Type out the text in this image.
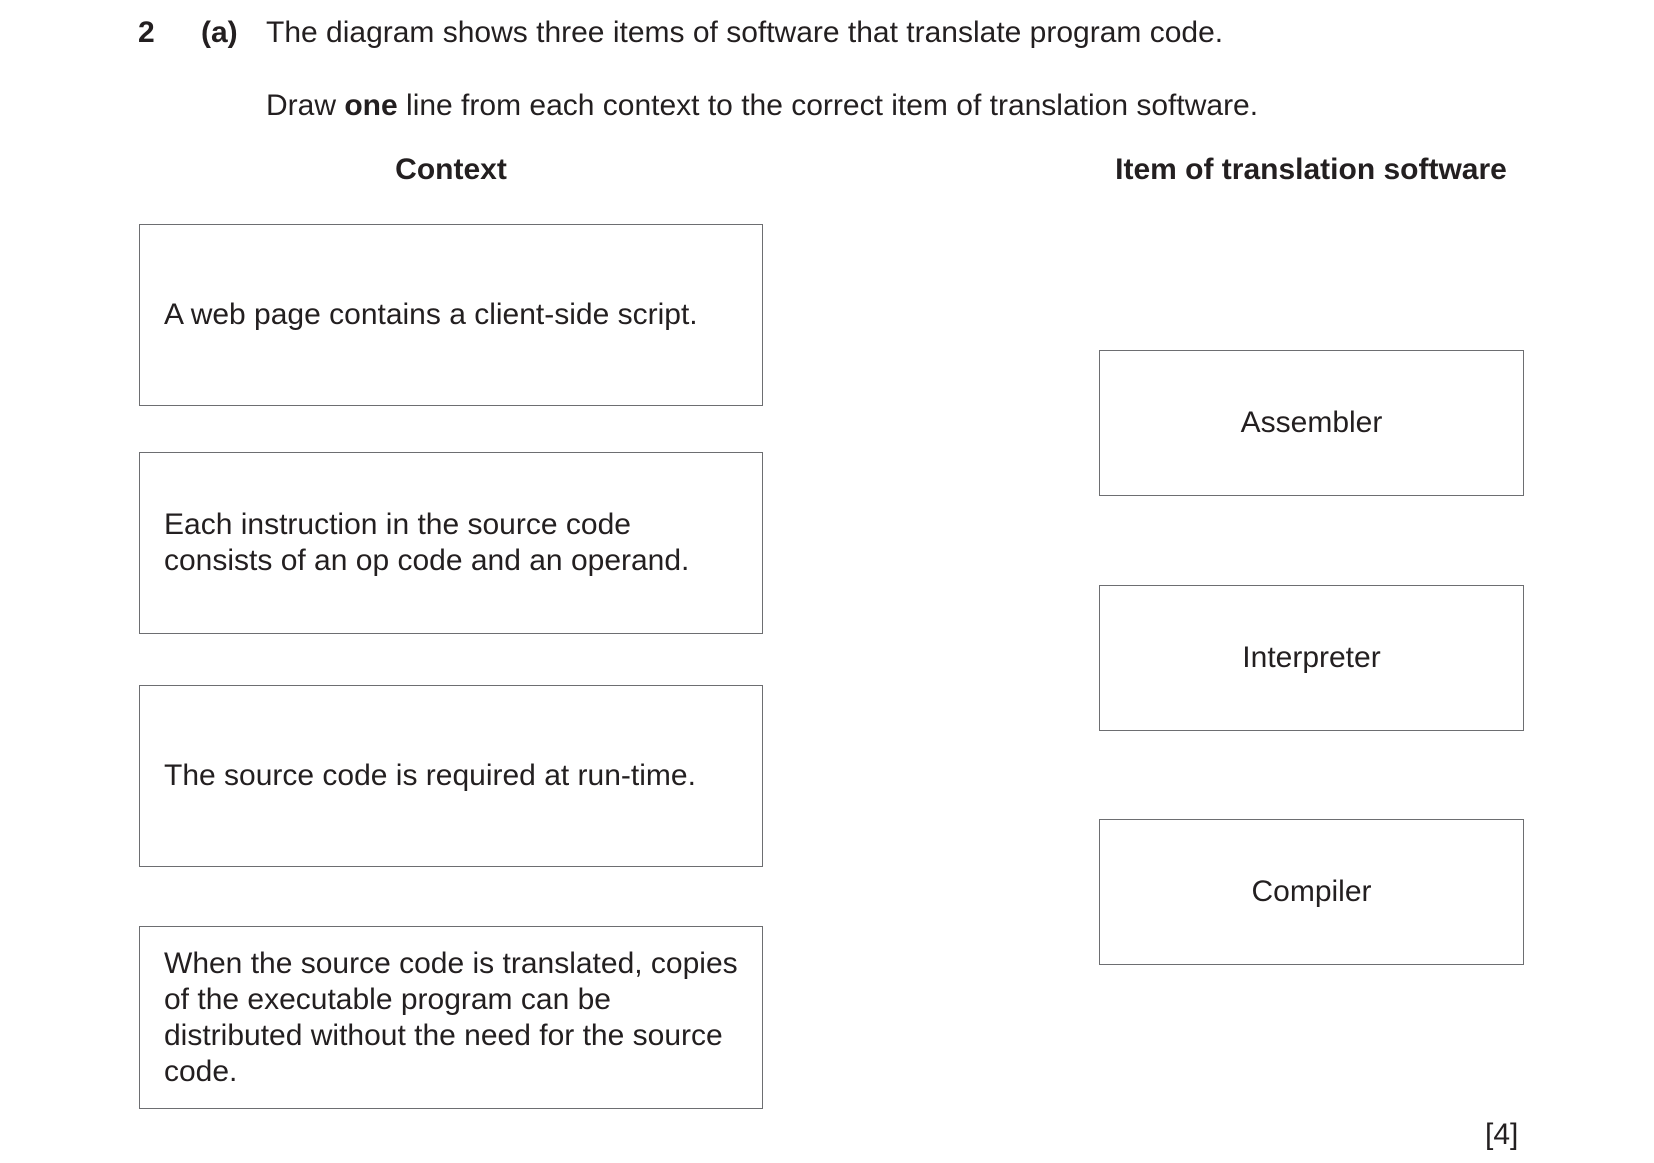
2 (a) The diagram shows three items of software that translate program code.
Draw one line from each context to the correct item of translation software.
Context	Item of translation software
A web page contains a client-side script.
Each instruction in the source code consists of an op code and an operand.
The source code is required at run-time.
When the source code is translated, copies of the executable program can be distributed without the need for the source code.
Assembler
Interpreter
Compiler
[4]
